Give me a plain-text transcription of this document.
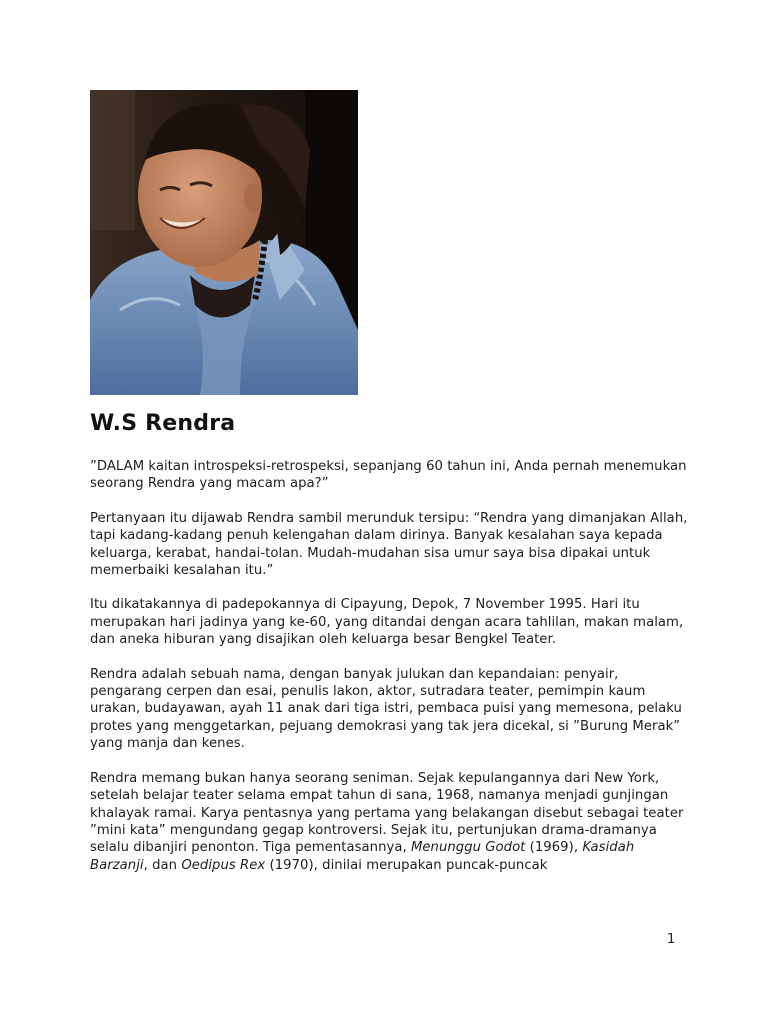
W.S Rendra

”DALAM kaitan introspeksi-retrospeksi, sepanjang 60 tahun ini, Anda pernah menemukan seorang Rendra yang macam apa?”

Pertanyaan itu dijawab Rendra sambil merunduk tersipu: “Rendra yang dimanjakan Allah, tapi kadang-kadang penuh kelengahan dalam dirinya. Banyak kesalahan saya kepada keluarga, kerabat, handai-tolan. Mudah-mudahan sisa umur saya bisa dipakai untuk memerbaiki kesalahan itu.”

Itu dikatakannya di padepokannya di Cipayung, Depok, 7 November 1995. Hari itu merupakan hari jadinya yang ke-60, yang ditandai dengan acara tahlilan, makan malam, dan aneka hiburan yang disajikan oleh keluarga besar Bengkel Teater.

Rendra adalah sebuah nama, dengan banyak julukan dan kepandaian: penyair, pengarang cerpen dan esai, penulis lakon, aktor, sutradara teater, pemimpin kaum urakan, budayawan, ayah 11 anak dari tiga istri, pembaca puisi yang memesona, pelaku protes yang menggetarkan, pejuang demokrasi yang tak jera dicekal, si ”Burung Merak” yang manja dan kenes.

Rendra memang bukan hanya seorang seniman. Sejak kepulangannya dari New York, setelah belajar teater selama empat tahun di sana, 1968, namanya menjadi gunjingan khalayak ramai. Karya pentasnya yang pertama yang belakangan disebut sebagai teater ”mini kata” mengundang gegap kontroversi. Sejak itu, pertunjukan drama-dramanya selalu dibanjiri penonton. Tiga pementasannya, Menunggu Godot (1969), Kasidah Barzanji, dan Oedipus Rex (1970), dinilai merupakan puncak-puncak

1
